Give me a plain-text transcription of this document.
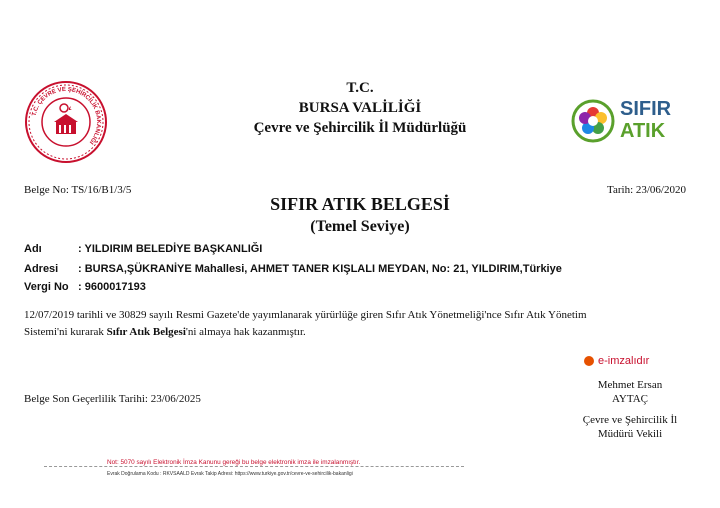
T.C. ÇEVRE VE ŞEHİRCİLİK BAKANLIĞI
T.C.
BURSA VALİLİĞİ
Çevre ve Şehircilik İl Müdürlüğü
SIFIR
ATIK
Belge No: TS/16/B1/3/5	Tarih: 23/06/2020
SIFIR ATIK BELGESİ
(Temel Seviye)
Adı	: YILDIRIM BELEDİYE BAŞKANLIĞI
Adresi : BURSA,ŞÜKRANİYE Mahallesi, AHMET TANER KIŞLALI MEYDAN, No: 21, YILDIRIM,Türkiye
Vergi No : 9600017193
12/07/2019 tarihli ve 30829 sayılı Resmi Gazete'de yayımlanarak yürürlüğe giren Sıfır Atık Yönetmeliği'nce Sıfır Atık Yönetim
Sistemi'ni kurarak Sıfır Atık Belgesi'ni almaya hak kazanmıştır.
e-imzalıdır
Mehmet Ersan
AYTAÇ
Çevre ve Şehircilik İl
Müdürü Vekili
Belge Son Geçerlilik Tarihi: 23/06/2025
Not: 5070 sayılı Elektronik İmza Kanunu gereği bu belge elektronik imza ile imzalanmıştır.
Evrak Doğrulama Kodu : RKVSAALD Evrak Takip Adresi: https://www.turkiye.gov.tr/cevre-ve-sehircilik-bakanligi
